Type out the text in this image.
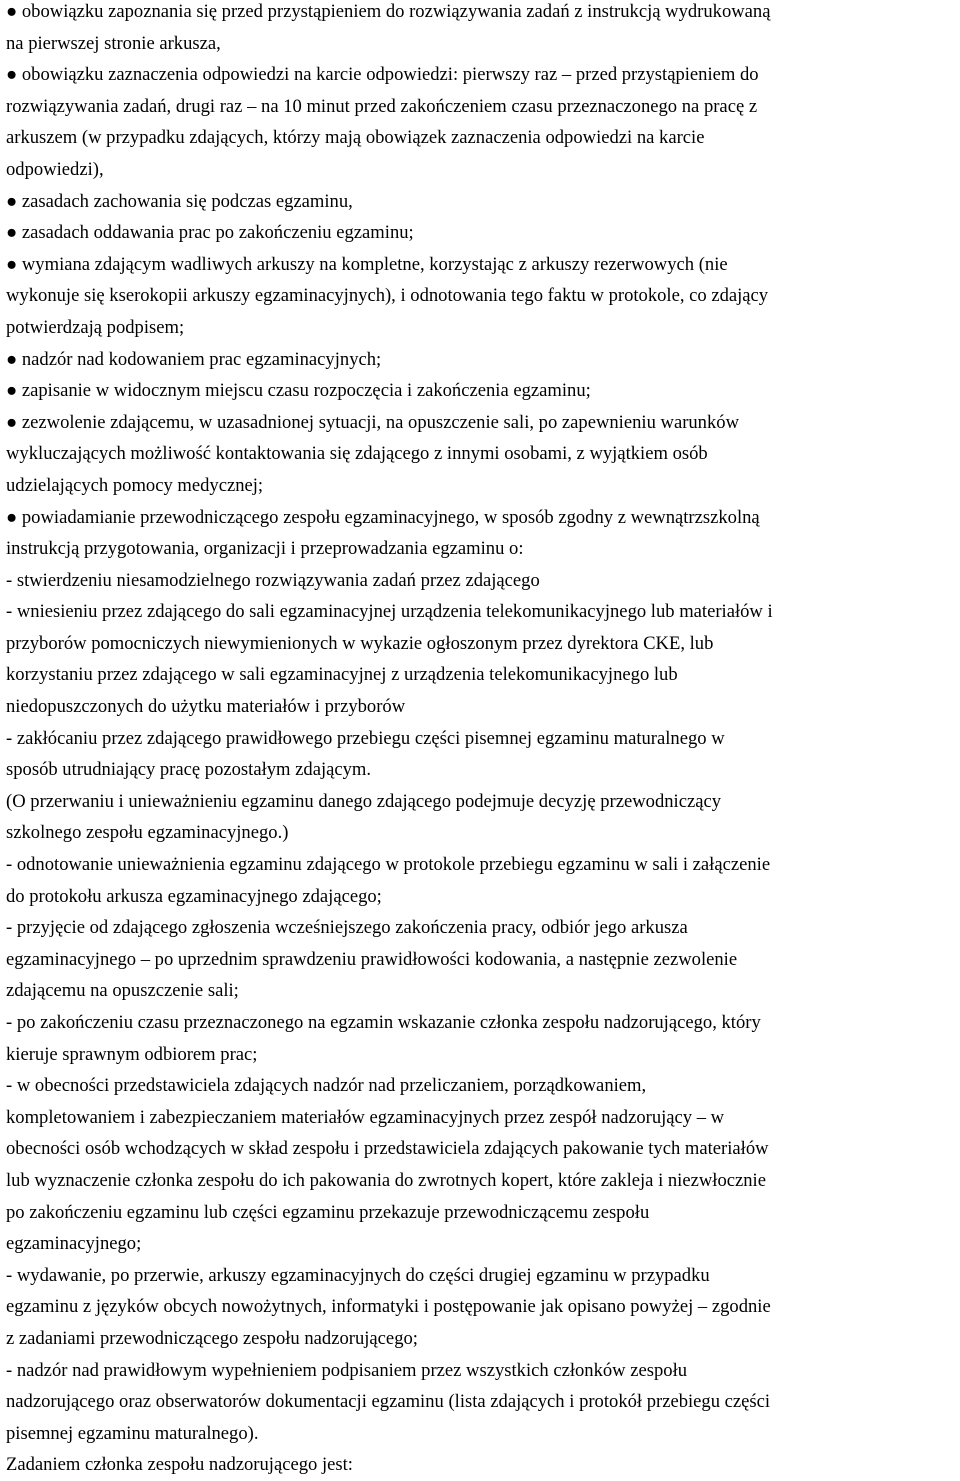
● obowiązku zapoznania się przed przystąpieniem do rozwiązywania zadań z instrukcją wydrukowaną
na pierwszej stronie arkusza,
● obowiązku zaznaczenia odpowiedzi na karcie odpowiedzi: pierwszy raz – przed przystąpieniem do
rozwiązywania zadań, drugi raz – na 10 minut przed zakończeniem czasu przeznaczonego na pracę z
arkuszem (w przypadku zdających, którzy mają obowiązek zaznaczenia odpowiedzi na karcie
odpowiedzi),
● zasadach zachowania się podczas egzaminu,
● zasadach oddawania prac po zakończeniu egzaminu;
● wymiana zdającym wadliwych arkuszy na kompletne, korzystając z arkuszy rezerwowych (nie
wykonuje się kserokopii arkuszy egzaminacyjnych), i odnotowania tego faktu w protokole, co zdający
potwierdzają podpisem;
● nadzór nad kodowaniem prac egzaminacyjnych;
● zapisanie w widocznym miejscu czasu rozpoczęcia i zakończenia egzaminu;
● zezwolenie zdającemu, w uzasadnionej sytuacji, na opuszczenie sali, po zapewnieniu warunków
wykluczających możliwość kontaktowania się zdającego z innymi osobami, z wyjątkiem osób
udzielających pomocy medycznej;
● powiadamianie przewodniczącego zespołu egzaminacyjnego, w sposób zgodny z wewnątrzszkolną
instrukcją przygotowania, organizacji i przeprowadzania egzaminu o:
- stwierdzeniu niesamodzielnego rozwiązywania zadań przez zdającego
- wniesieniu przez zdającego do sali egzaminacyjnej urządzenia telekomunikacyjnego lub materiałów i
przyborów pomocniczych niewymienionych w wykazie ogłoszonym przez dyrektora CKE, lub
korzystaniu przez zdającego w sali egzaminacyjnej z urządzenia telekomunikacyjnego lub
niedopuszczonych do użytku materiałów i przyborów
- zakłócaniu przez zdającego prawidłowego przebiegu części pisemnej egzaminu maturalnego w
sposób utrudniający pracę pozostałym zdającym.
(O przerwaniu i unieważnieniu egzaminu danego zdającego podejmuje decyzję przewodniczący
szkolnego zespołu egzaminacyjnego.)
- odnotowanie unieważnienia egzaminu zdającego w protokole przebiegu egzaminu w sali i załączenie
do protokołu arkusza egzaminacyjnego zdającego;
- przyjęcie od zdającego zgłoszenia wcześniejszego zakończenia pracy, odbiór jego arkusza
egzaminacyjnego – po uprzednim sprawdzeniu prawidłowości kodowania, a następnie zezwolenie
zdającemu na opuszczenie sali;
- po zakończeniu czasu przeznaczonego na egzamin wskazanie członka zespołu nadzorującego, który
kieruje sprawnym odbiorem prac;
- w obecności przedstawiciela zdających nadzór nad przeliczaniem, porządkowaniem,
kompletowaniem i zabezpieczaniem materiałów egzaminacyjnych przez zespół nadzorujący – w
obecności osób wchodzących w skład zespołu i przedstawiciela zdających pakowanie tych materiałów
lub wyznaczenie członka zespołu do ich pakowania do zwrotnych kopert, które zakleja i niezwłocznie
po zakończeniu egzaminu lub części egzaminu przekazuje przewodniczącemu zespołu
egzaminacyjnego;
- wydawanie, po przerwie, arkuszy egzaminacyjnych do części drugiej egzaminu w przypadku
egzaminu z języków obcych nowożytnych, informatyki i postępowanie jak opisano powyżej – zgodnie
z zadaniami przewodniczącego zespołu nadzorującego;
- nadzór nad prawidłowym wypełnieniem podpisaniem przez wszystkich członków zespołu
nadzorującego oraz obserwatorów dokumentacji egzaminu (lista zdających i protokół przebiegu części
pisemnej egzaminu maturalnego).
Zadaniem członka zespołu nadzorującego jest:
